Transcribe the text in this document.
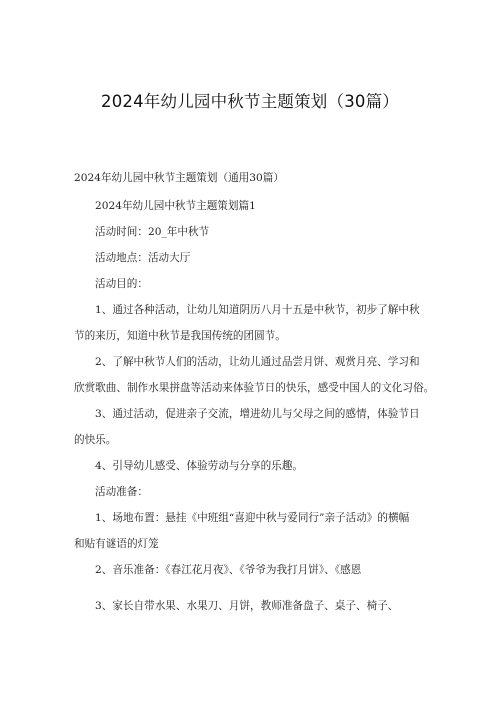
2024年幼儿园中秋节主题策划（30篇）
2024年幼儿园中秋节主题策划（通用30篇）
2024年幼儿园中秋节主题策划篇1
活动时间：20_年中秋节
活动地点：活动大厅
活动目的：
1、通过各种活动，让幼儿知道阴历八月十五是中秋节，初步了解中秋
节的来历，知道中秋节是我国传统的团圆节。
2、了解中秋节人们的活动，让幼儿通过品尝月饼、观赏月亮、学习和
欣赏歌曲、制作水果拼盘等活动来体验节日的快乐，感受中国人的文化习俗。
3、通过活动，促进亲子交流，增进幼儿与父母之间的感情，体验节日
的快乐。
4、引导幼儿感受、体验劳动与分享的乐趣。
活动准备：
1、场地布置：悬挂《中班组“喜迎中秋与爱同行”亲子活动》的横幅
和贴有谜语的灯笼
2、音乐准备：《春江花月夜》、《爷爷为我打月饼》、《感恩
3、家长自带水果、水果刀、月饼，教师准备盘子、桌子、椅子、
